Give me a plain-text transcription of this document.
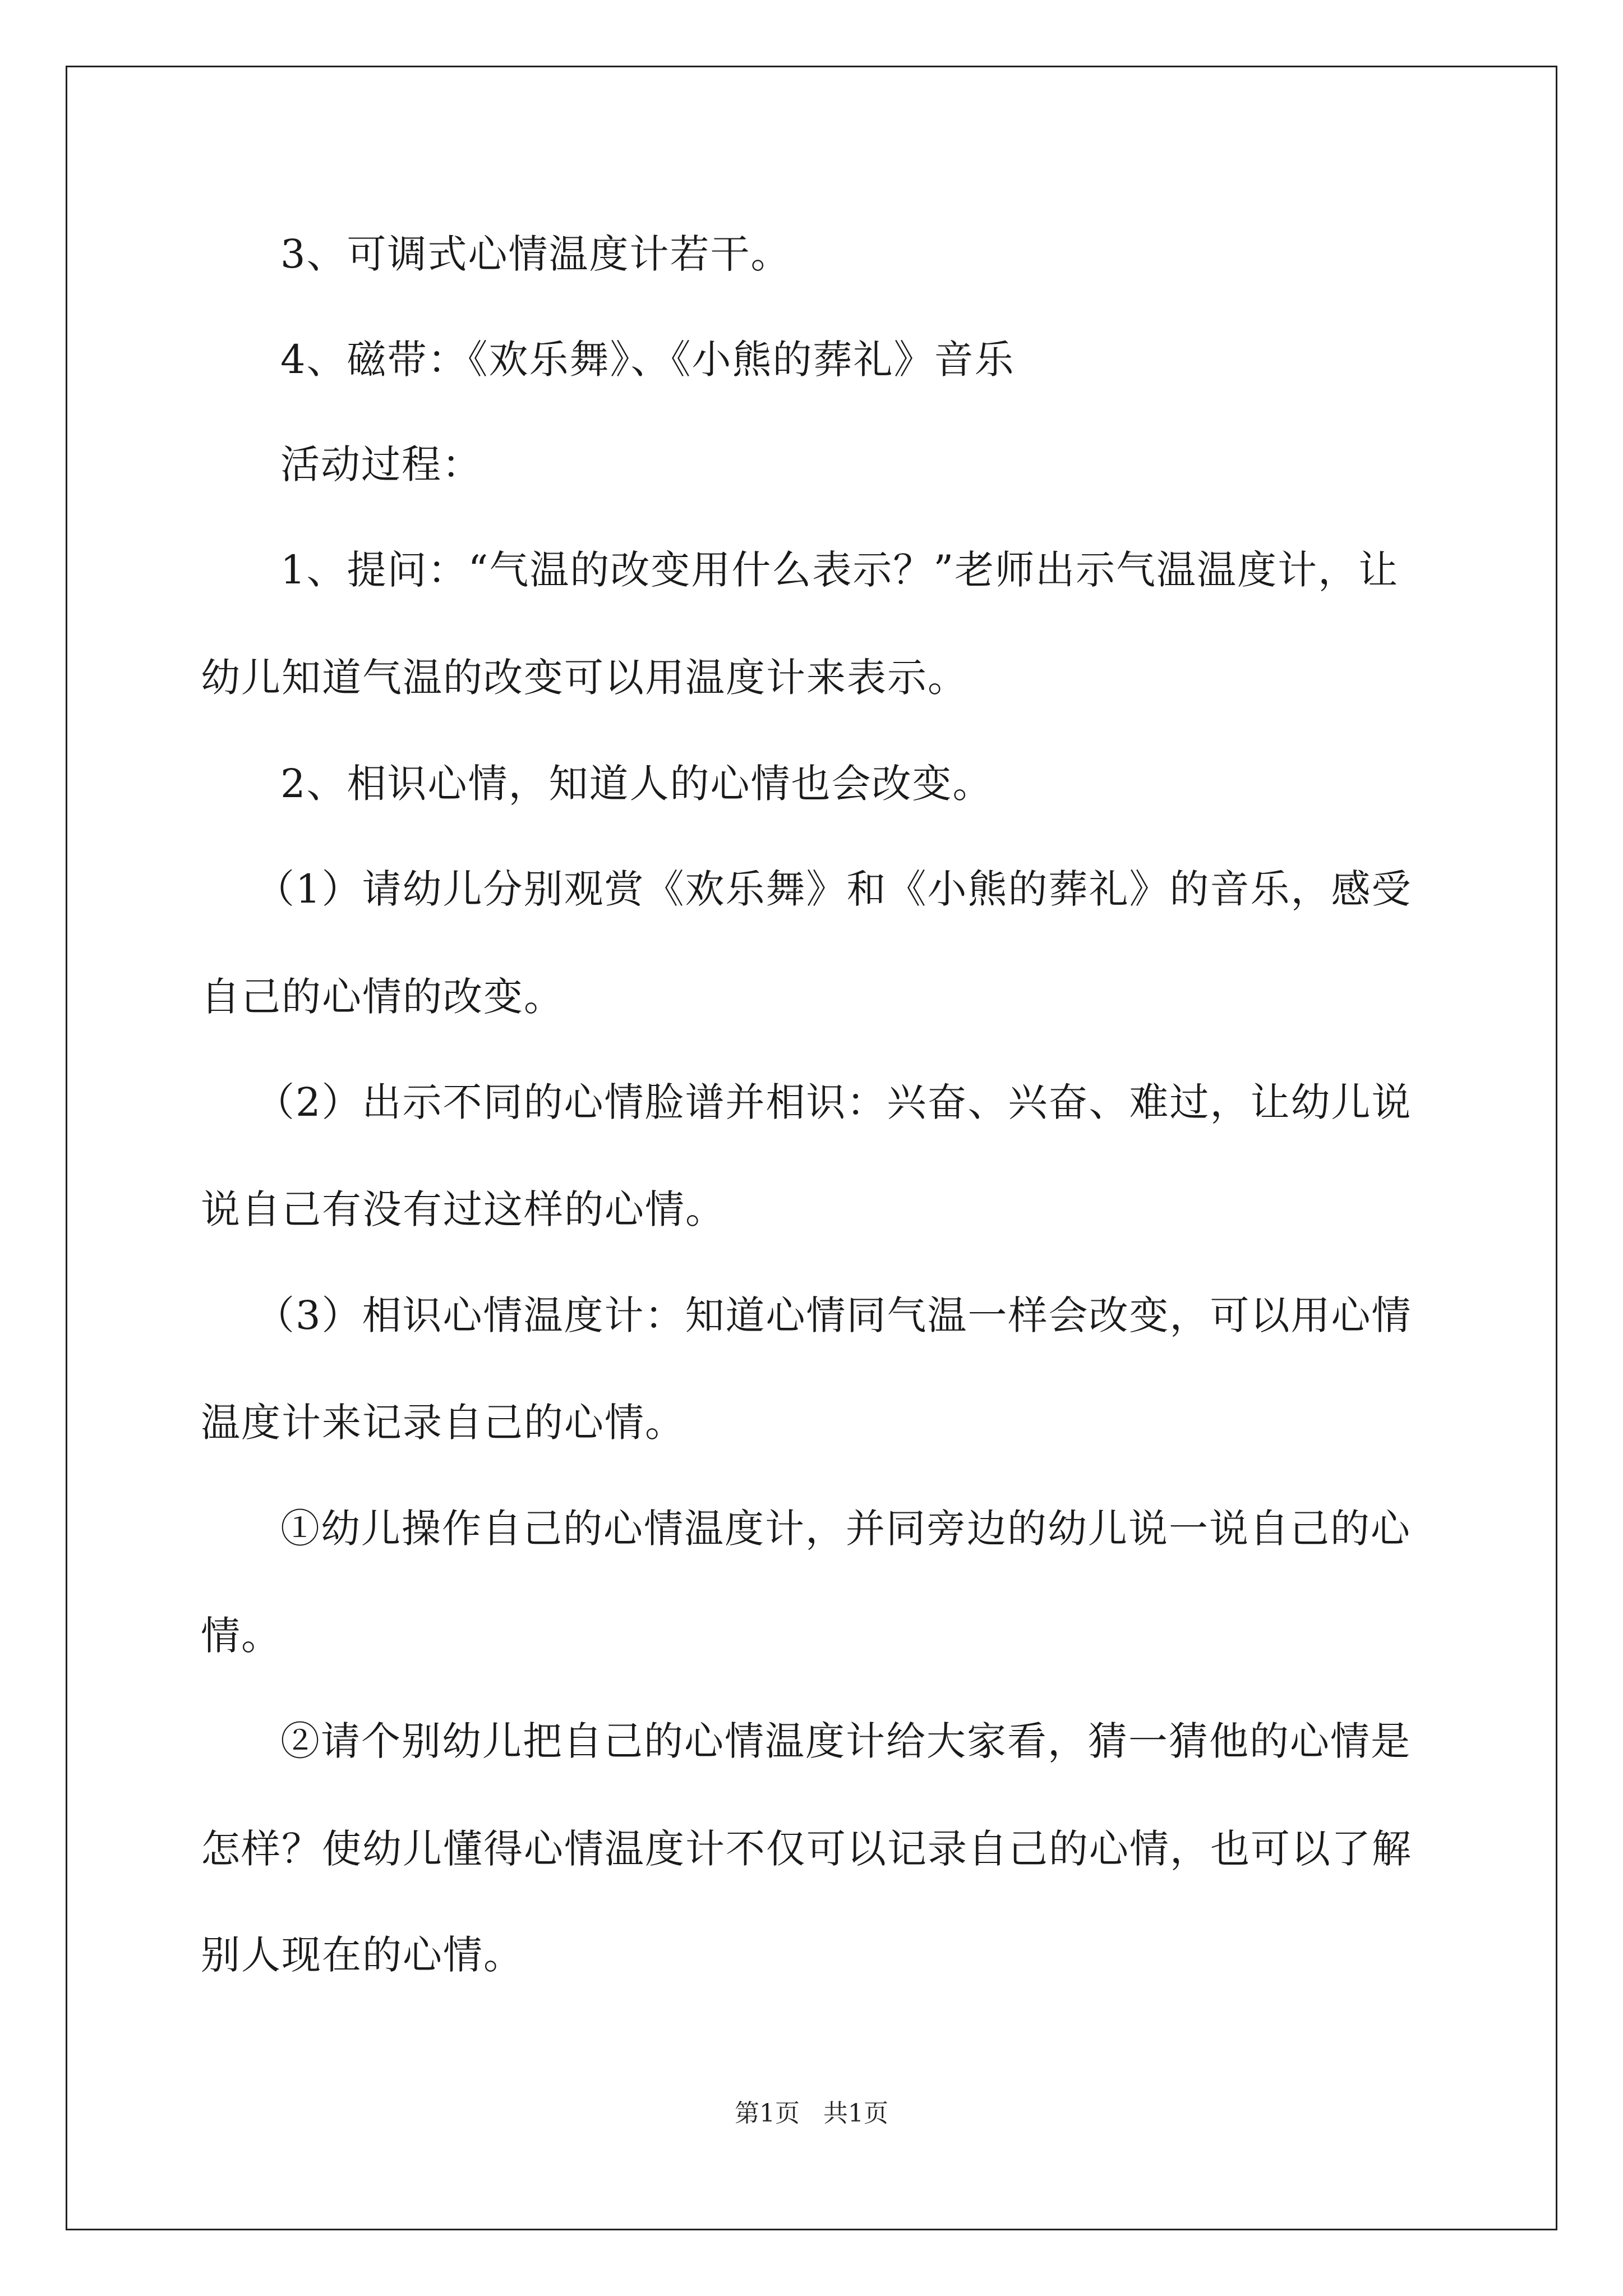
3、可调式心情温度计若干。
4、磁带：《欢乐舞》、《小熊的葬礼》音乐
活动过程：
1、提问：“气温的改变用什么表示？”老师出示气温温度计，让
幼儿知道气温的改变可以用温度计来表示。
2、相识心情，知道人的心情也会改变。
（1）请幼儿分别观赏《欢乐舞》和《小熊的葬礼》的音乐，感受
自己的心情的改变。
（2）出示不同的心情脸谱并相识：兴奋、兴奋、难过，让幼儿说
说自己有没有过这样的心情。
（3）相识心情温度计：知道心情同气温一样会改变，可以用心情
温度计来记录自己的心情。
①幼儿操作自己的心情温度计，并同旁边的幼儿说一说自己的心
情。
②请个别幼儿把自己的心情温度计给大家看，猜一猜他的心情是
怎样？使幼儿懂得心情温度计不仅可以记录自己的心情，也可以了解
别人现在的心情。
第1页 共1页
